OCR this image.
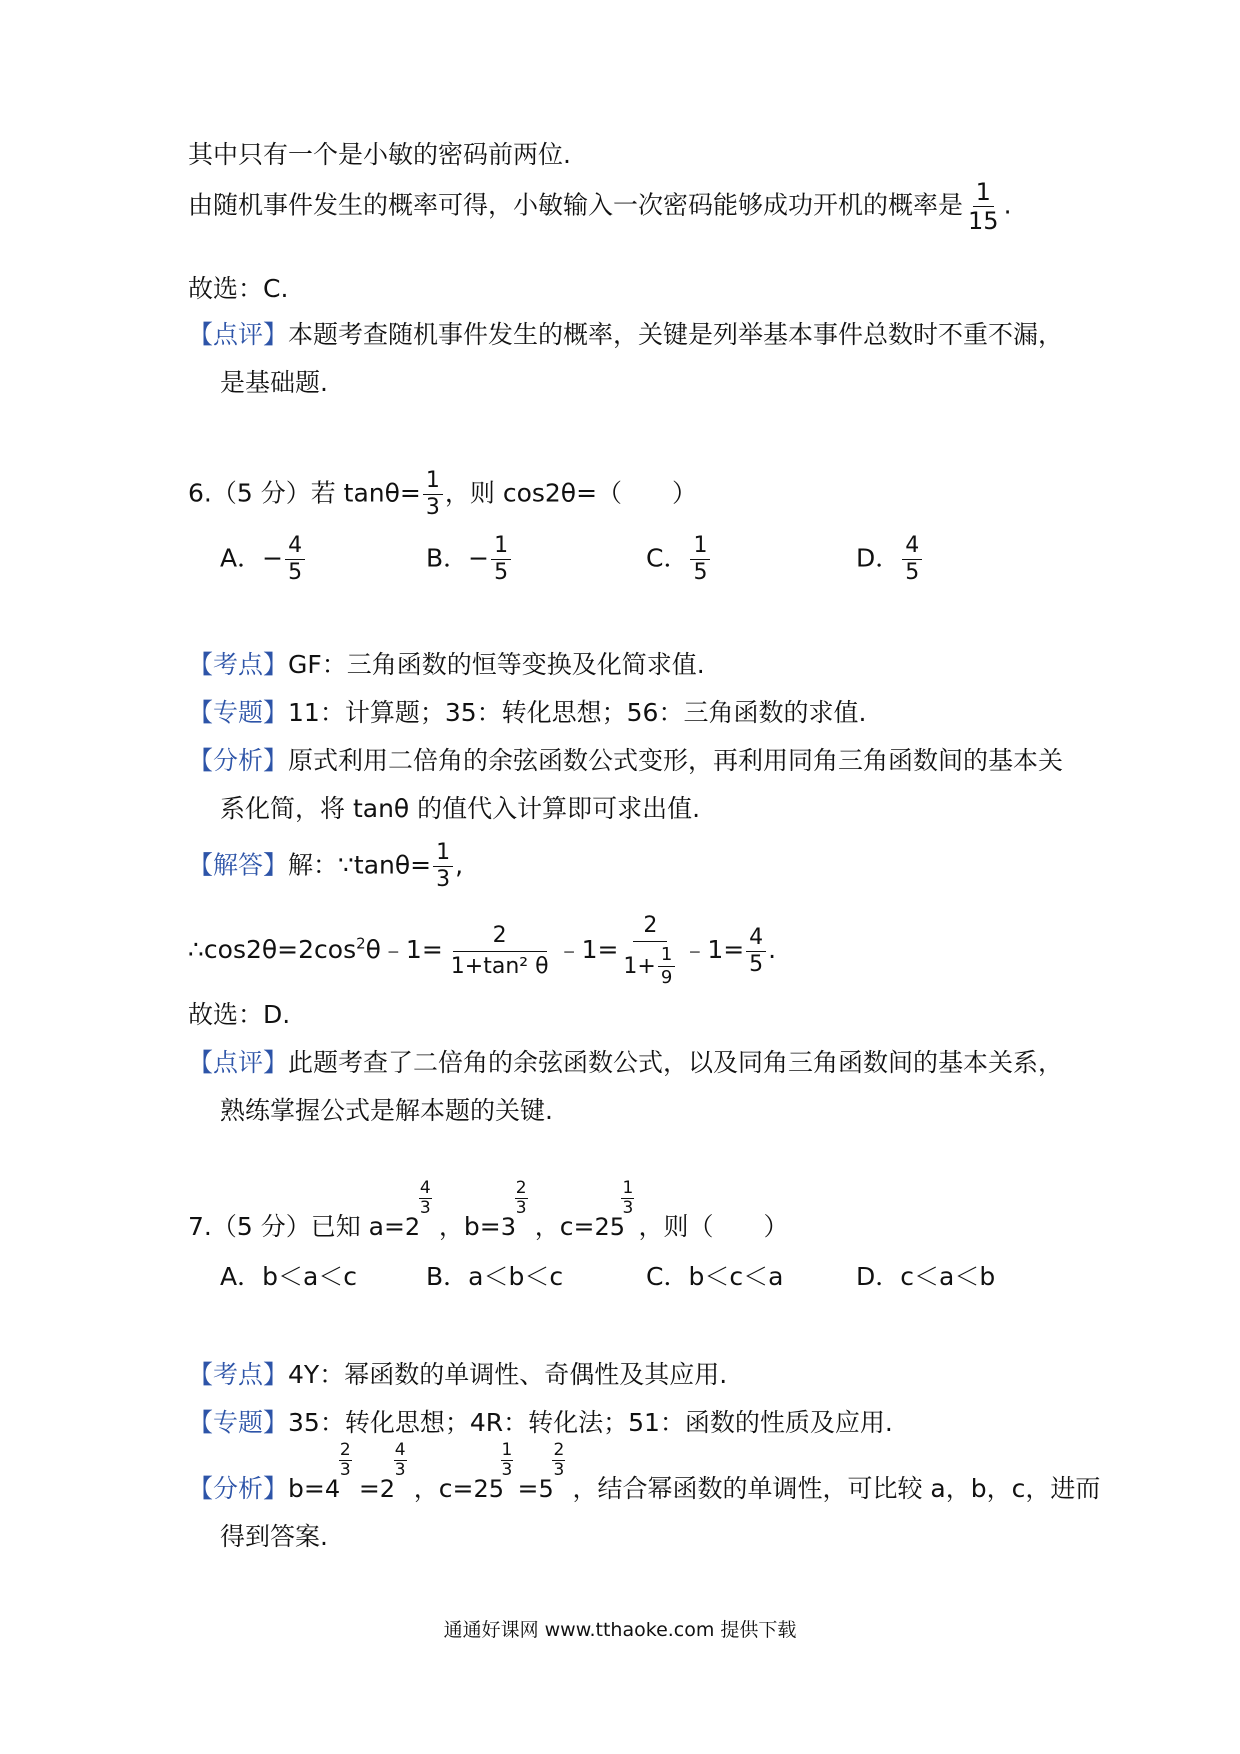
其中只有一个是小敏的密码前两位.
由随机事件发生的概率可得，小敏输入一次密码能够成功开机的概率是 $\frac{1}{15}$ .
故选：C.
【点评】本题考查随机事件发生的概率，关键是列举基本事件总数时不重不漏，
是基础题.
6.（5 分）若 $\tan\theta= \frac{1}{3}$ ，则 cos2θ=（　　）
A．− $\frac{4}{5}$	B．− $\frac{1}{5}$	C． $\frac{1}{5}$	D． $\frac{4}{5}$
【考点】GF：三角函数的恒等变换及化简求值.
【专题】11：计算题；35：转化思想；56：三角函数的求值.
【分析】原式利用二倍角的余弦函数公式变形，再利用同角三角函数间的基本关
系化简，将 tanθ 的值代入计算即可求出值.
【解答】解：∵tanθ= $\frac{1}{3}$ ,
$\therefore\cos 2\theta=2\cos^2\theta﹣1= \frac{2}{\text{1+tan² θ}}$ ﹣1= $\frac{2}{1+ \frac{1}{9}}$ ﹣1= $\frac{4}{5}$ .
故选：D.
【点评】此题考查了二倍角的余弦函数公式，以及同角三角函数间的基本关系，
熟练掌握公式是解本题的关键.
7.（5 分）已知 a=2
$\frac{4}{3}$
，b=3
$\frac{2}{3}$
，c=25
$\frac{1}{3}$
，则（　　）
A．b＜a＜c	B．a＜b＜c	C．b＜c＜a	D．c＜a＜b
【考点】4Y：幂函数的单调性、奇偶性及其应用.
【专题】35：转化思想；4R：转化法；51：函数的性质及应用.
【分析】b=4
$\frac{2}{3}$
=2
$\frac{4}{3}$
，c=25
$\frac{1}{3}$
=5
$\frac{2}{3}$
，结合幂函数的单调性，可比较 a，b，c，进而
得到答案.
通通好课网 www.tthaoke.com 提供下载
